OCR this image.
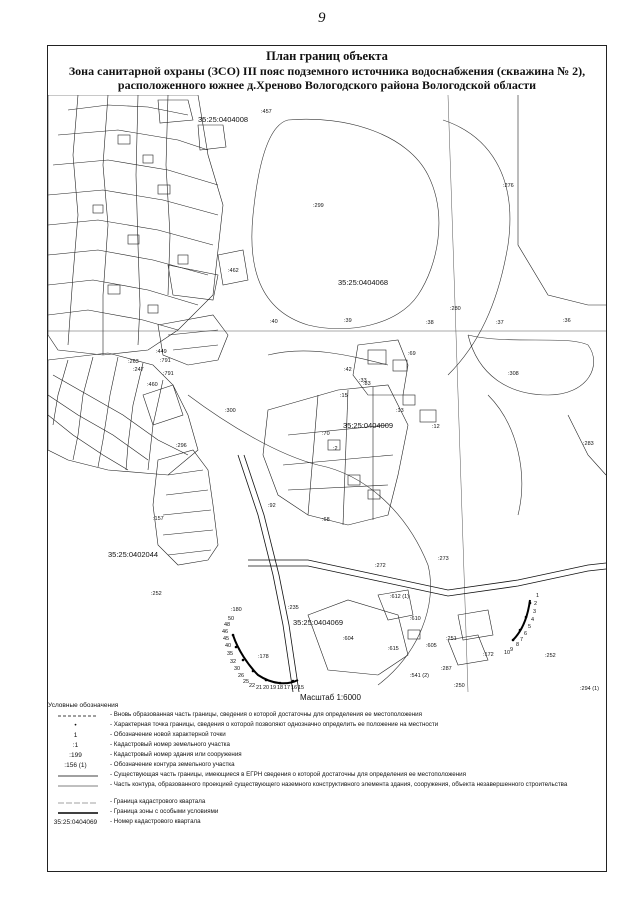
9
План границ объекта
Зона санитарной охраны (ЗСО) III пояс подземного источника водоснабжения (скважина № 2),
расположенного южнее д.Хреново Вологодского района Вологодской области
35:25:0404008
35:25:0404068
35:25:0404009
35:25:0402044
35:25:0404069
:457
:276
:299
:280
:462
:40	:39	:38	:37	:36
:308
:300
:296
:157
:252
:180	:235
:178
:273
:272
:68
:92
:604
:610
:615
:172	:252
:541 (2)
:250
:287
:251
:612 (1)
:605
:263
:247
:449
:791
:460
:791
:283
:294 (1)
:70
:15
:13
:12
:33
:42
:2
:83
:69
1
2
3
4
5
6
7
8
9
10
15
16
17
18
19
20
21
22
25
26
30
32
35
40
45
46
48
50
Масштаб 1:6000
Условные обозначения
- Вновь образованная часть границы, сведения о которой достаточны для определения ее местоположения
•	- Характерная точка границы, сведения о которой позволяют однозначно определить ее положение на местности
1	- Обозначение новой характерной точки
:1	- Кадастровый номер земельного участка
:199	- Кадастровый номер здания или сооружения
:156 (1)	- Обозначение контура земельного участка
- Существующая часть границы, имеющиеся в ЕГРН сведения о которой достаточны для определения ее местоположения
- Часть контура, образованного проекцией существующего наземного конструктивного элемента здания, сооружения, объекта незавершенного строительства
- Граница кадастрового квартала
- Граница зоны с особыми условиями
35:25:0404069	- Номер кадастрового квартала
